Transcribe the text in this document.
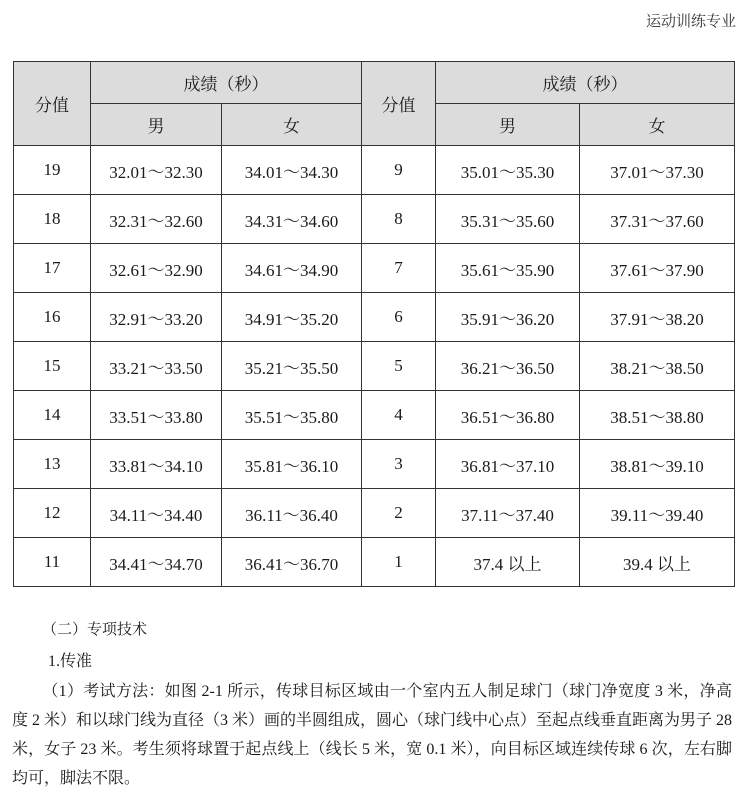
运动训练专业
分值	成绩（秒）		分值	成绩（秒）	
	男	女		男	女
19	32.01～32.30	34.01～34.30	9	35.01～35.30	37.01～37.30
18	32.31～32.60	34.31～34.60	8	35.31～35.60	37.31～37.60
17	32.61～32.90	34.61～34.90	7	35.61～35.90	37.61～37.90
16	32.91～33.20	34.91～35.20	6	35.91～36.20	37.91～38.20
15	33.21～33.50	35.21～35.50	5	36.21～36.50	38.21～38.50
14	33.51～33.80	35.51～35.80	4	36.51～36.80	38.51～38.80
13	33.81～34.10	35.81～36.10	3	36.81～37.10	38.81～39.10
12	34.11～34.40	36.11～36.40	2	37.11～37.40	39.11～39.40
11	34.41～34.70	36.41～36.70	1	37.4 以上	39.4 以上
（二）专项技术
1.传准
（1）考试方法：如图 2-1 所示，传球目标区域由一个室内五人制足球门（球门净宽度 3 米，净高度 2 米）和以球门线为直径（3 米）画的半圆组成，圆心（球门线中心点）至起点线垂直距离为男子 28 米，女子 23 米。考生须将球置于起点线上（线长 5 米，宽 0.1 米），向目标区域连续传球 6 次，左右脚均可，脚法不限。
